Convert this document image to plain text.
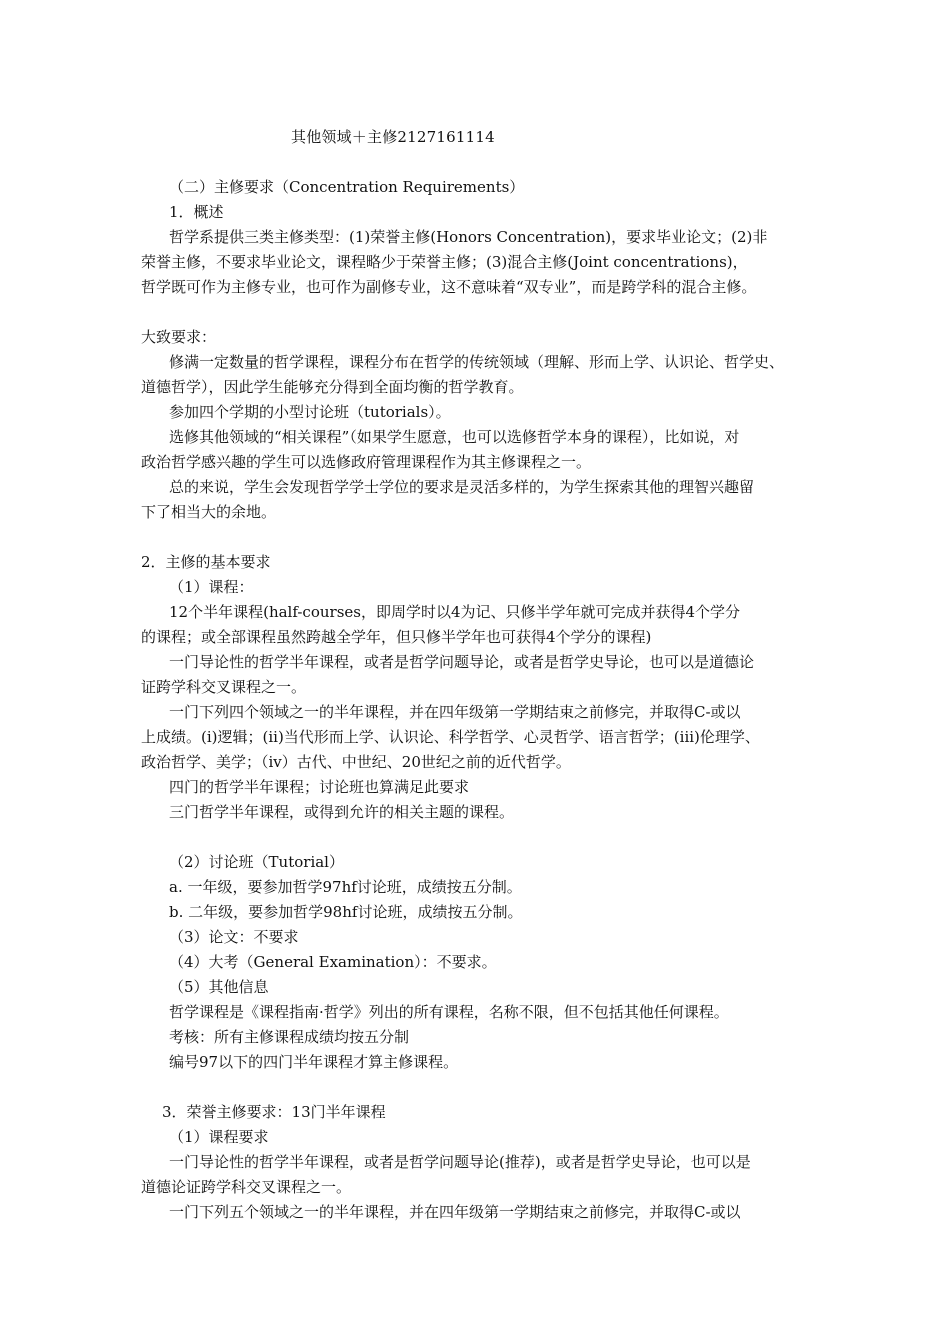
其他领域＋主修2127161114
（二）主修要求（Concentration Requirements）
1．概述
哲学系提供三类主修类型：(1)荣誉主修(Honors Concentration)，要求毕业论文；(2)非
荣誉主修，不要求毕业论文，课程略少于荣誉主修；(3)混合主修(Joint concentrations)，
哲学既可作为主修专业，也可作为副修专业，这不意味着“双专业”，而是跨学科的混合主修。
大致要求：
修满一定数量的哲学课程，课程分布在哲学的传统领域（理解、形而上学、认识论、哲学史、
道德哲学），因此学生能够充分得到全面均衡的哲学教育。
参加四个学期的小型讨论班（tutorials）。
选修其他领域的“相关课程”（如果学生愿意，也可以选修哲学本身的课程），比如说，对
政治哲学感兴趣的学生可以选修政府管理课程作为其主修课程之一。
总的来说，学生会发现哲学学士学位的要求是灵活多样的，为学生探索其他的理智兴趣留
下了相当大的余地。
2．主修的基本要求
（1）课程：
12个半年课程(half-courses，即周学时以4为记、只修半学年就可完成并获得4个学分
的课程；或全部课程虽然跨越全学年，但只修半学年也可获得4个学分的课程)
一门导论性的哲学半年课程，或者是哲学问题导论，或者是哲学史导论，也可以是道德论
证跨学科交叉课程之一。
一门下列四个领域之一的半年课程，并在四年级第一学期结束之前修完，并取得C-或以
上成绩。(i)逻辑；(ii)当代形而上学、认识论、科学哲学、心灵哲学、语言哲学；(iii)伦理学、
政治哲学、美学；（iv）古代、中世纪、20世纪之前的近代哲学。
四门的哲学半年课程；讨论班也算满足此要求
三门哲学半年课程，或得到允许的相关主题的课程。
（2）讨论班（Tutorial）
a. 一年级，要参加哲学97hf讨论班，成绩按五分制。
b. 二年级，要参加哲学98hf讨论班，成绩按五分制。
（3）论文：不要求
（4）大考（General Examination）：不要求。
（5）其他信息
哲学课程是《课程指南·哲学》列出的所有课程，名称不限，但不包括其他任何课程。
考核：所有主修课程成绩均按五分制
编号97以下的四门半年课程才算主修课程。
3．荣誉主修要求：13门半年课程
（1）课程要求
一门导论性的哲学半年课程，或者是哲学问题导论(推荐)，或者是哲学史导论，也可以是
道德论证跨学科交叉课程之一。
一门下列五个领域之一的半年课程，并在四年级第一学期结束之前修完，并取得C-或以
